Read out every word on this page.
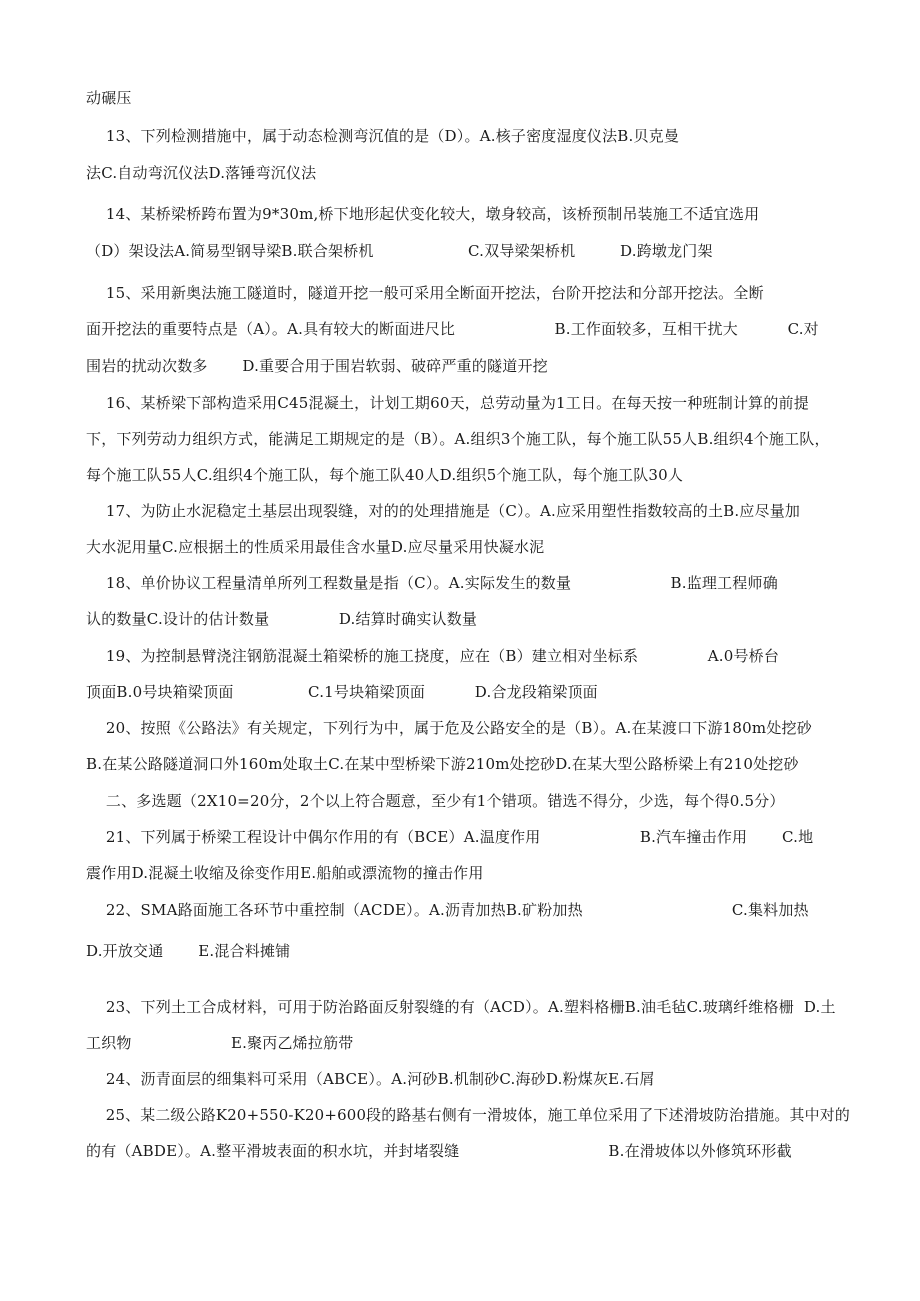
动碾压
13、下列检测措施中，属于动态检测弯沉值的是（D）。A.核子密度湿度仪法B.贝克曼
法C.自动弯沉仪法D.落锤弯沉仪法
14、某桥梁桥跨布置为9*30m,桥下地形起伏变化较大，墩身较高，该桥预制吊装施工不适宜选用
（D）架设法A.简易型钢导梁B.联合架桥机                   C.双导梁架桥机         D.跨墩龙门架
15、采用新奥法施工隧道时，隧道开挖一般可采用全断面开挖法，台阶开挖法和分部开挖法。全断
面开挖法的重要特点是（A）。A.具有较大的断面进尺比                    B.工作面较多，互相干扰大          C.对
围岩的扰动次数多       D.重要合用于围岩软弱、破碎严重的隧道开挖
16、某桥梁下部构造采用C45混凝土，计划工期60天，总劳动量为1工日。在每天按一种班制计算的前提
下，下列劳动力组织方式，能满足工期规定的是（B）。A.组织3个施工队，每个施工队55人B.组织4个施工队，
每个施工队55人C.组织4个施工队，每个施工队40人D.组织5个施工队，每个施工队30人
17、为防止水泥稳定土基层出现裂缝，对的的处理措施是（C）。A.应采用塑性指数较高的土B.应尽量加
大水泥用量C.应根据土的性质采用最佳含水量D.应尽量采用快凝水泥
18、单价协议工程量清单所列工程数量是指（C）。A.实际发生的数量                    B.监理工程师确
认的数量C.设计的估计数量              D.结算时确实认数量
19、为控制悬臂浇注钢筋混凝土箱梁桥的施工挠度，应在（B）建立相对坐标系              A.0号桥台
顶面B.0号块箱梁顶面               C.1号块箱梁顶面          D.合龙段箱梁顶面
20、按照《公路法》有关规定，下列行为中，属于危及公路安全的是（B）。A.在某渡口下游180m处挖砂
B.在某公路隧道洞口外160m处取土C.在某中型桥梁下游210m处挖砂D.在某大型公路桥梁上有210处挖砂
二、多选题（2X10=20分，2个以上符合题意，至少有1个错项。错选不得分，少选，每个得0.5分）
21、下列属于桥梁工程设计中偶尔作用的有（BCE）A.温度作用                    B.汽车撞击作用       C.地
震作用D.混凝土收缩及徐变作用E.船舶或漂流物的撞击作用
22、SMA路面施工各环节中重控制（ACDE）。A.沥青加热B.矿粉加热                              C.集料加热
D.开放交通       E.混合料摊铺
23、下列土工合成材料，可用于防治路面反射裂缝的有（ACD）。A.塑料格栅B.油毛毡C.玻璃纤维格栅  D.土
工织物                    E.聚丙乙烯拉筋带
24、沥青面层的细集料可采用（ABCE）。A.河砂B.机制砂C.海砂D.粉煤灰E.石屑
25、某二级公路K20+550-K20+600段的路基右侧有一滑坡体，施工单位采用了下述滑坡防治措施。其中对的
的有（ABDE）。A.整平滑坡表面的积水坑，并封堵裂缝                              B.在滑坡体以外修筑环形截
